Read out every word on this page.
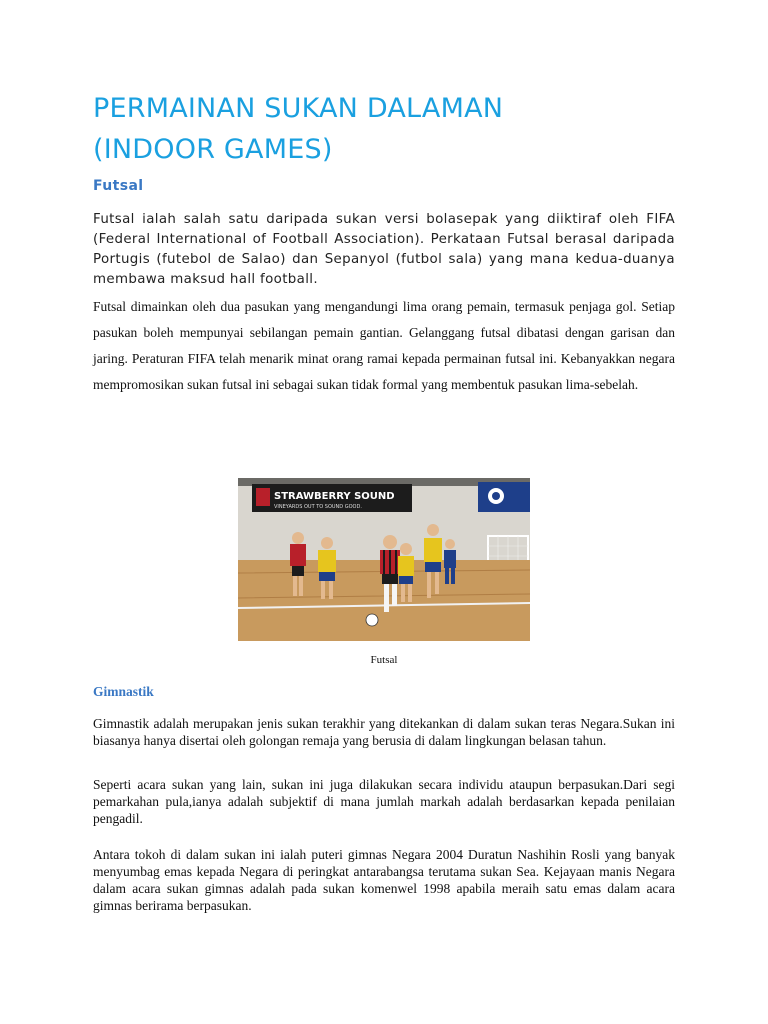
PERMAINAN SUKAN DALAMAN
(INDOOR GAMES)
Futsal

Futsal ialah salah satu daripada sukan versi bolasepak yang diiktiraf oleh FIFA (Federal International of Football Association). Perkataan Futsal berasal daripada Portugis (futebol de Salao) dan Sepanyol (futbol sala) yang mana kedua-duanya membawa maksud hall football.

Futsal dimainkan oleh dua pasukan yang mengandungi lima orang pemain, termasuk penjaga gol. Setiap pasukan boleh mempunyai sebilangan pemain gantian. Gelanggang futsal dibatasi dengan garisan dan jaring. Peraturan FIFA telah menarik minat orang ramai kepada permainan futsal ini. Kebanyakkan negara mempromosikan sukan futsal ini sebagai sukan tidak formal yang membentuk pasukan lima-sebelah.

STRAWBERRY SOUND
VINEYARDS OUT TO SOUND GOOD.
Futsal
Gimnastik

Gimnastik adalah merupakan jenis sukan terakhir yang ditekankan di dalam sukan teras Negara.Sukan ini biasanya hanya disertai oleh golongan remaja yang berusia di dalam lingkungan belasan tahun.

Seperti acara sukan yang lain, sukan ini juga dilakukan secara individu ataupun berpasukan.Dari segi pemarkahan pula,ianya adalah subjektif di mana jumlah markah adalah berdasarkan kepada penilaian pengadil.

Antara tokoh di dalam sukan ini ialah puteri gimnas Negara 2004 Duratun Nashihin Rosli yang banyak menyumbag emas kepada Negara di peringkat antarabangsa terutama sukan Sea. Kejayaan manis Negara dalam acara sukan gimnas adalah pada sukan komenwel 1998 apabila meraih satu emas dalam acara gimnas berirama berpasukan.
